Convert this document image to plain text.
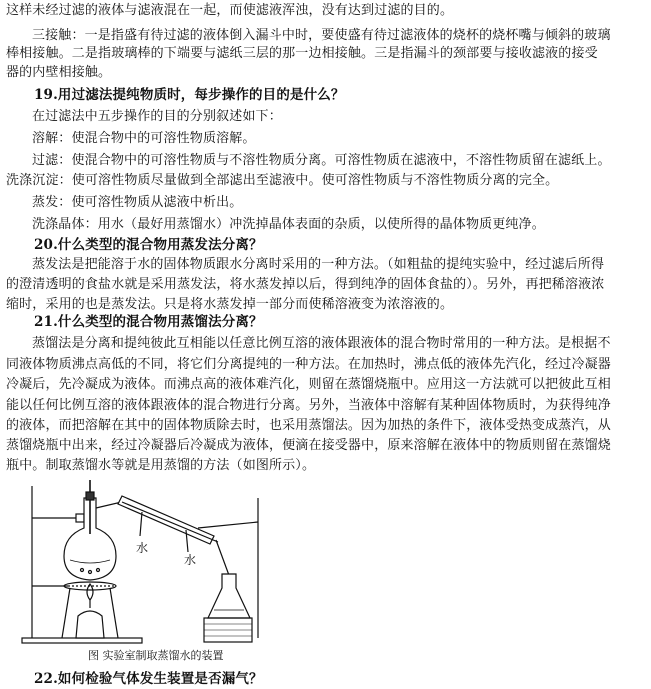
这样未经过滤的液体与滤液混在一起，而使滤液浑浊，没有达到过滤的目的。
三接触：一是指盛有待过滤的液体倒入漏斗中时，要使盛有待过滤液体的烧杯的烧杯嘴与倾斜的玻璃
棒相接触。二是指玻璃棒的下端要与滤纸三层的那一边相接触。三是指漏斗的颈部要与接收滤液的接受
器的内壁相接触。
19.用过滤法提纯物质时，每步操作的目的是什么？
在过滤法中五步操作的目的分别叙述如下：
溶解：使混合物中的可溶性物质溶解。
过滤：使混合物中的可溶性物质与不溶性物质分离。可溶性物质在滤液中，不溶性物质留在滤纸上。
洗涤沉淀：使可溶性物质尽量做到全部滤出至滤液中。使可溶性物质与不溶性物质分离的完全。
蒸发：使可溶性物质从滤液中析出。
洗涤晶体：用水（最好用蒸馏水）冲洗掉晶体表面的杂质，以使所得的晶体物质更纯净。
20.什么类型的混合物用蒸发法分离？
蒸发法是把能溶于水的固体物质跟水分离时采用的一种方法。（如粗盐的提纯实验中，经过滤后所得
的澄清透明的食盐水就是采用蒸发法，将水蒸发掉以后，得到纯净的固体食盐的）。另外，再把稀溶液浓
缩时，采用的也是蒸发法。只是将水蒸发掉一部分而使稀溶液变为浓溶液的。
21.什么类型的混合物用蒸馏法分离？
蒸馏法是分离和提纯彼此互相能以任意比例互溶的液体跟液体的混合物时常用的一种方法。是根据不
同液体物质沸点高低的不同，将它们分离提纯的一种方法。在加热时，沸点低的液体先汽化，经过冷凝器
冷凝后，先冷凝成为液体。而沸点高的液体难汽化，则留在蒸馏烧瓶中。应用这一方法就可以把彼此互相
能以任何比例互溶的液体跟液体的混合物进行分离。另外，当液体中溶解有某种固体物质时，为获得纯净
的液体，而把溶解在其中的固体物质除去时，也采用蒸馏法。因为加热的条件下，液体受热变成蒸汽，从
蒸馏烧瓶中出来，经过冷凝器后冷凝成为液体，便滴在接受器中，原来溶解在液体中的物质则留在蒸馏烧
瓶中。制取蒸馏水等就是用蒸馏的方法（如图所示）。
水
水
图 实验室制取蒸馏水的装置
22.如何检验气体发生装置是否漏气？
